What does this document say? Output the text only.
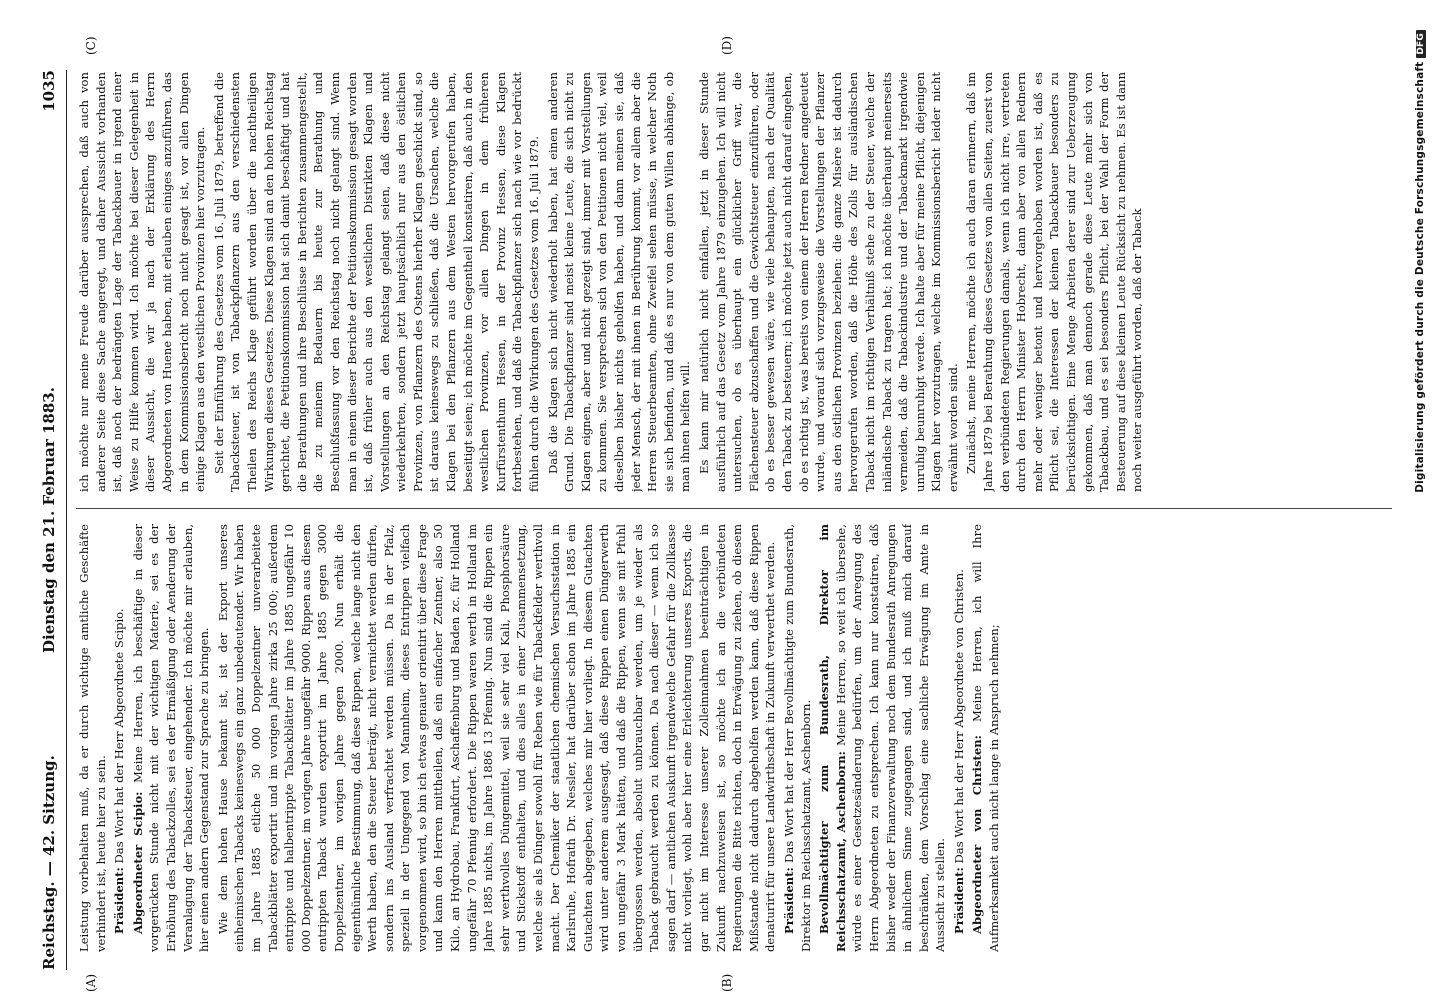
Reichstag. — 42. Sitzung.
Dienstag den 21. Februar 1883.
1035
(A)	(B)
(C)	(D)

Leistung vorbehalten muß, da er durch wichtige amtliche Geschäfte verhindert ist, heute hier zu sein. Präsident: Das Wort hat der Herr Abgeordnete Scipio. Abgeordneter Scipio: Meine Herren, ich beschäftige in dieser vorgerückten Stunde nicht mit der wichtigen Materie, sei es der Erhöhung des Tabackzolles, sei es der Ermäßigung oder Aenderung der Veranlagung der Tabacksteuer, eingehender. Ich möchte mir erlauben, hier einen andern Gegenstand zur Sprache zu bringen. Wie dem hohen Hause bekannt ist, ist der Export unseres einheimischen Tabacks keineswegs ein ganz unbedeutender. Wir haben im Jahre 1885 etliche 50 000 Doppelzentner unverarbeitete Tabackblätter exportirt und im vorigen Jahre zirka 25 000; außerdem entrippte und halbentrippte Tabackblätter im Jahre 1885 ungefähr 10 000 Doppelzentner, im vorigen Jahre ungefähr 9000. Rippen aus diesem entrippten Taback wurden exportirt im Jahre 1885 gegen 3000 Doppelzentner, im vorigen Jahre gegen 2000. Nun erhält die eigenthümliche Bestimmung, daß diese Rippen, welche lange nicht den Werth haben, den die Steuer beträgt, nicht vernichtet werden dürfen, sondern ins Ausland verfrachtet werden müssen. Da in der Pfalz, speziell in der Umgegend von Mannheim, dieses Entrippen vielfach vorgenommen wird, so bin ich etwas genauer orientirt über diese Frage und kann den Herren mittheilen, daß ein einfacher Zentner, also 50 Kilo, an Hydrobau, Frankfurt, Aschaffenburg und Baden zc. für Holland ungefähr 70 Pfennig erfordert. Die Rippen waren werth in Holland im Jahre 1885 nichts, im Jahre 1886 13 Pfennig. Nun sind die Rippen ein sehr werthvolles Düngemittel, weil sie sehr viel Kali, Phosphorsäure und Stickstoff enthalten, und dies alles in einer Zusammensetzung, welche sie als Dünger sowohl für Reben wie für Tabackfelder werthvoll macht. Der Chemiker der staatlichen chemischen Versuchsstation in Karlsruhe, Hofrath Dr. Nessler, hat darüber schon im Jahre 1885 ein Gutachten abgegeben, welches mir hier vorliegt. In diesem Gutachten wird unter anderem ausgesagt, daß diese Rippen einen Düngerwerth von ungefähr 3 Mark hätten, und daß die Rippen, wenn sie mit Pfuhl übergossen werden, absolut unbrauchbar werden, um je wieder als Taback gebraucht werden zu können. Da nach dieser — wenn ich so sagen darf — amtlichen Auskunft irgendwelche Gefahr für die Zollkasse nicht vorliegt, wohl aber hier eine Erleichterung unseres Exports, die gar nicht im Interesse unserer Zolleinnahmen beeinträchtigen in Zukunft nachzuweisen ist, so möchte ich an die verbündeten Regierungen die Bitte richten, doch in Erwägung zu ziehen, ob diesem Mißstande nicht dadurch abgeholfen werden kann, daß diese Rippen denaturirt für unsere Landwirthschaft in Zukunft verwerthet werden. Präsident: Das Wort hat der Herr Bevollmächtigte zum Bundesrath, Direktor im Reichsschatzamt, Aschenborn. Bevollmächtigter zum Bundesrath, Direktor im Reichsschatzamt, Aschenborn: Meine Herren, so weit ich übersehe, würde es einer Gesetzesänderung bedürfen, um der Anregung des Herrn Abgeordneten zu entsprechen. Ich kann nur konstatiren, daß bisher weder der Finanzverwaltung noch dem Bundesrath Anregungen in ähnlichem Sinne zugegangen sind, und ich muß mich darauf beschränken, dem Vorschlag eine sachliche Erwägung im Amte in Aussicht zu stellen. Präsident: Das Wort hat der Herr Abgeordnete von Christen. Abgeordneter von Christen: Meine Herren, ich will Ihre Aufmerksamkeit auch nicht lange in Anspruch nehmen;

ich möchte nur meine Freude darüber aussprechen, daß auch von anderer Seite diese Sache angeregt, und daher Aussicht vorhanden ist, daß noch der bedrängten Lage der Tabackbauer in irgend einer Weise zu Hilfe kommen wird. Ich möchte bei dieser Gelegenheit in dieser Aussicht, die wir ja nach der Erklärung des Herrn Abgeordneten von Huene haben, mit erlauben einiges anzuführen, das in dem Kommissionsbericht noch nicht gesagt ist, vor allen Dingen einige Klagen aus den westlichen Provinzen hier vorzutragen. Seit der Einführung des Gesetzes vom 16. Juli 1879, betreffend die Tabacksteuer, ist von Tabackpflanzern aus den verschiedensten Theilen des Reichs Klage geführt worden über die nachtheiligen Wirkungen dieses Gesetzes. Diese Klagen sind an den hohen Reichstag gerichtet, die Petitionskommission hat sich damit beschäftigt und hat die Berathungen und ihre Beschlüsse in Berichten zusammengestellt, die zu meinem Bedauern bis heute zur Berathung und Beschlußfassung vor den Reichstag noch nicht gelangt sind. Wenn man in einem dieser Berichte der Petitionskommission gesagt worden ist, daß früher auch aus den westlichen Distrikten Klagen und Vorstellungen an den Reichstag gelangt seien, daß diese nicht wiederkehrten, sondern jetzt hauptsächlich nur aus den östlichen Provinzen, von Pflanzern des Ostens hierher Klagen geschickt sind, so ist daraus keineswegs zu schließen, daß die Ursachen, welche die Klagen bei den Pflanzern aus dem Westen hervorgerufen haben, beseitigt seien; ich möchte im Gegentheil konstatiren, daß auch in den westlichen Provinzen, vor allen Dingen in dem früheren Kurfürstenthum Hessen, in der Provinz Hessen, diese Klagen fortbestehen, und daß die Tabackpflanzer sich nach wie vor bedrückt fühlen durch die Wirkungen des Gesetzes vom 16. Juli 1879. Daß die Klagen sich nicht wiederholt haben, hat einen anderen Grund. Die Tabackpflanzer sind meist kleine Leute, die sich nicht zu Klagen eignen, aber und nicht gezeigt sind, immer mit Vorstellungen zu kommen. Sie versprechen sich von den Petitionen nicht viel, weil dieselben bisher nichts geholfen haben, und dann meinen sie, daß jeder Mensch, der mit ihnen in Berührung kommt, vor allem aber die Herren Steuerbeamten, ohne Zweifel sehen müsse, in welcher Noth sie sich befinden, und daß es nur von dem guten Willen abhänge, ob man ihnen helfen will. Es kann mir natürlich nicht einfallen, jetzt in dieser Stunde ausführlich auf das Gesetz vom Jahre 1879 einzugehen. Ich will nicht untersuchen, ob es überhaupt ein glücklicher Griff war, die Flächensteuer abzuschaffen und die Gewichtsteuer einzuführen, oder ob es besser gewesen wäre, wie viele behaupten, nach der Qualität den Taback zu besteuern; ich möchte jetzt auch nicht darauf eingehen, ob es richtig ist, was bereits von einem der Herren Redner angedeutet wurde, und worauf sich vorzugsweise die Vorstellungen der Pflanzer aus den östlichen Provinzen beziehen: die ganze Misère ist dadurch hervorgerufen worden, daß die Höhe des Zolls für ausländischen Taback nicht im richtigen Verhältniß stehe zu der Steuer, welche der inländische Taback zu tragen hat; ich möchte überhaupt meinerseits vermeiden, daß die Tabackindustrie und der Tabackmarkt irgendwie unruhig beunruhigt werde. Ich halte aber für meine Pflicht, diejenigen Klagen hier vorzutragen, welche im Kommissionsbericht leider nicht erwähnt worden sind. Zunächst, meine Herren, möchte ich auch daran erinnern, daß im Jahre 1879 bei Berathung dieses Gesetzes von allen Seiten, zuerst von den verbündeten Regierungen damals, wenn ich nicht irre, vertreten durch den Herrn Minister Hobrecht, dann aber von allen Rednern mehr oder weniger betont und hervorgehoben worden ist, daß es Pflicht sei, die Interessen der kleinen Tabackbauer besonders zu berücksichtigen. Eine Menge Arbeiten derer sind zur Ueberzeugung gekommen, daß man dennoch gerade diese Leute mehr sich von Tabackbau, und es sei besonders Pflicht, bei der Wahl der Form der Besteuerung auf diese kleinen Leute Rücksicht zu nehmen. Es ist dann noch weiter ausgeführt worden, daß der Taback	Digitalisierung gefördert durch die Deutsche ForschungsgemeinschaftDFG
